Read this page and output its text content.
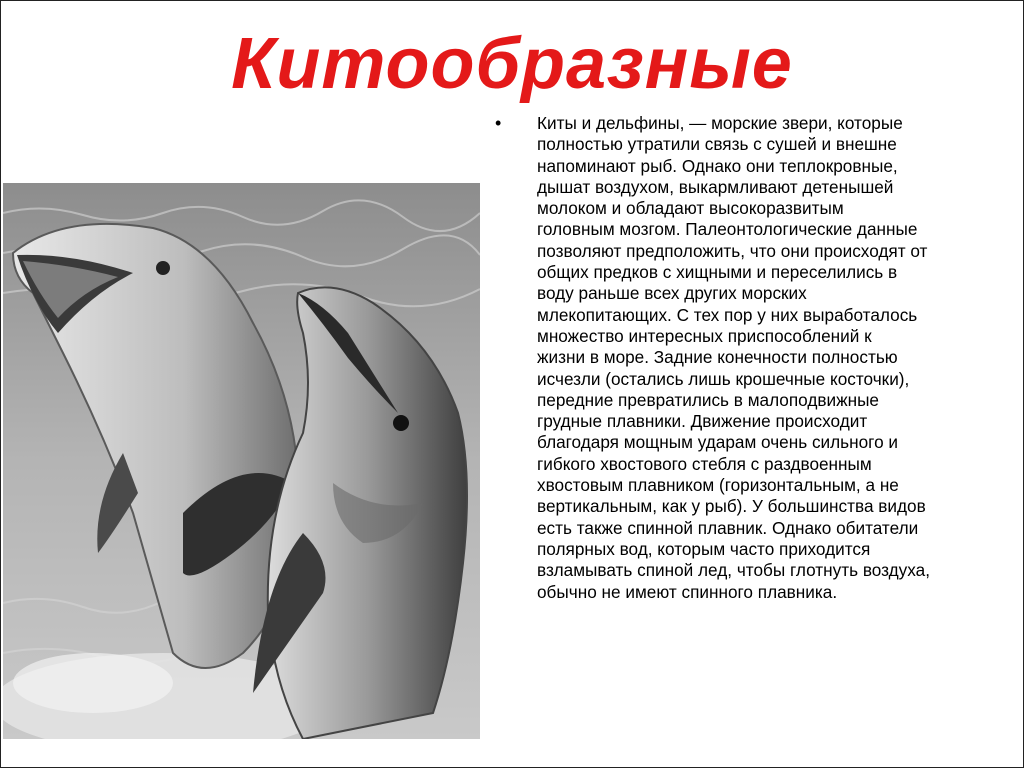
Китообразные
•	Киты и дельфины, — морские звери, которые
полностью утратили связь с сушей и внешне
напоминают рыб. Однако они теплокровные,
дышат воздухом, выкармливают детенышей
молоком и обладают высокоразвитым
головным мозгом. Палеонтологические данные
позволяют предположить, что они происходят от
общих предков с хищными и переселились в
воду раньше всех других морских
млекопитающих. С тех пор у них выработалось
множество интересных приспособлений к
жизни в море. Задние конечности полностью
исчезли (остались лишь крошечные косточки),
передние превратились в малоподвижные
грудные плавники. Движение происходит
благодаря мощным ударам очень сильного и
гибкого хвостового стебля с раздвоенным
хвостовым плавником (горизонтальным, а не
вертикальным, как у рыб). У большинства видов
есть также спинной плавник. Однако обитатели
полярных вод, которым часто приходится
взламывать спиной лед, чтобы глотнуть воздуха,
обычно не имеют спинного плавника.
